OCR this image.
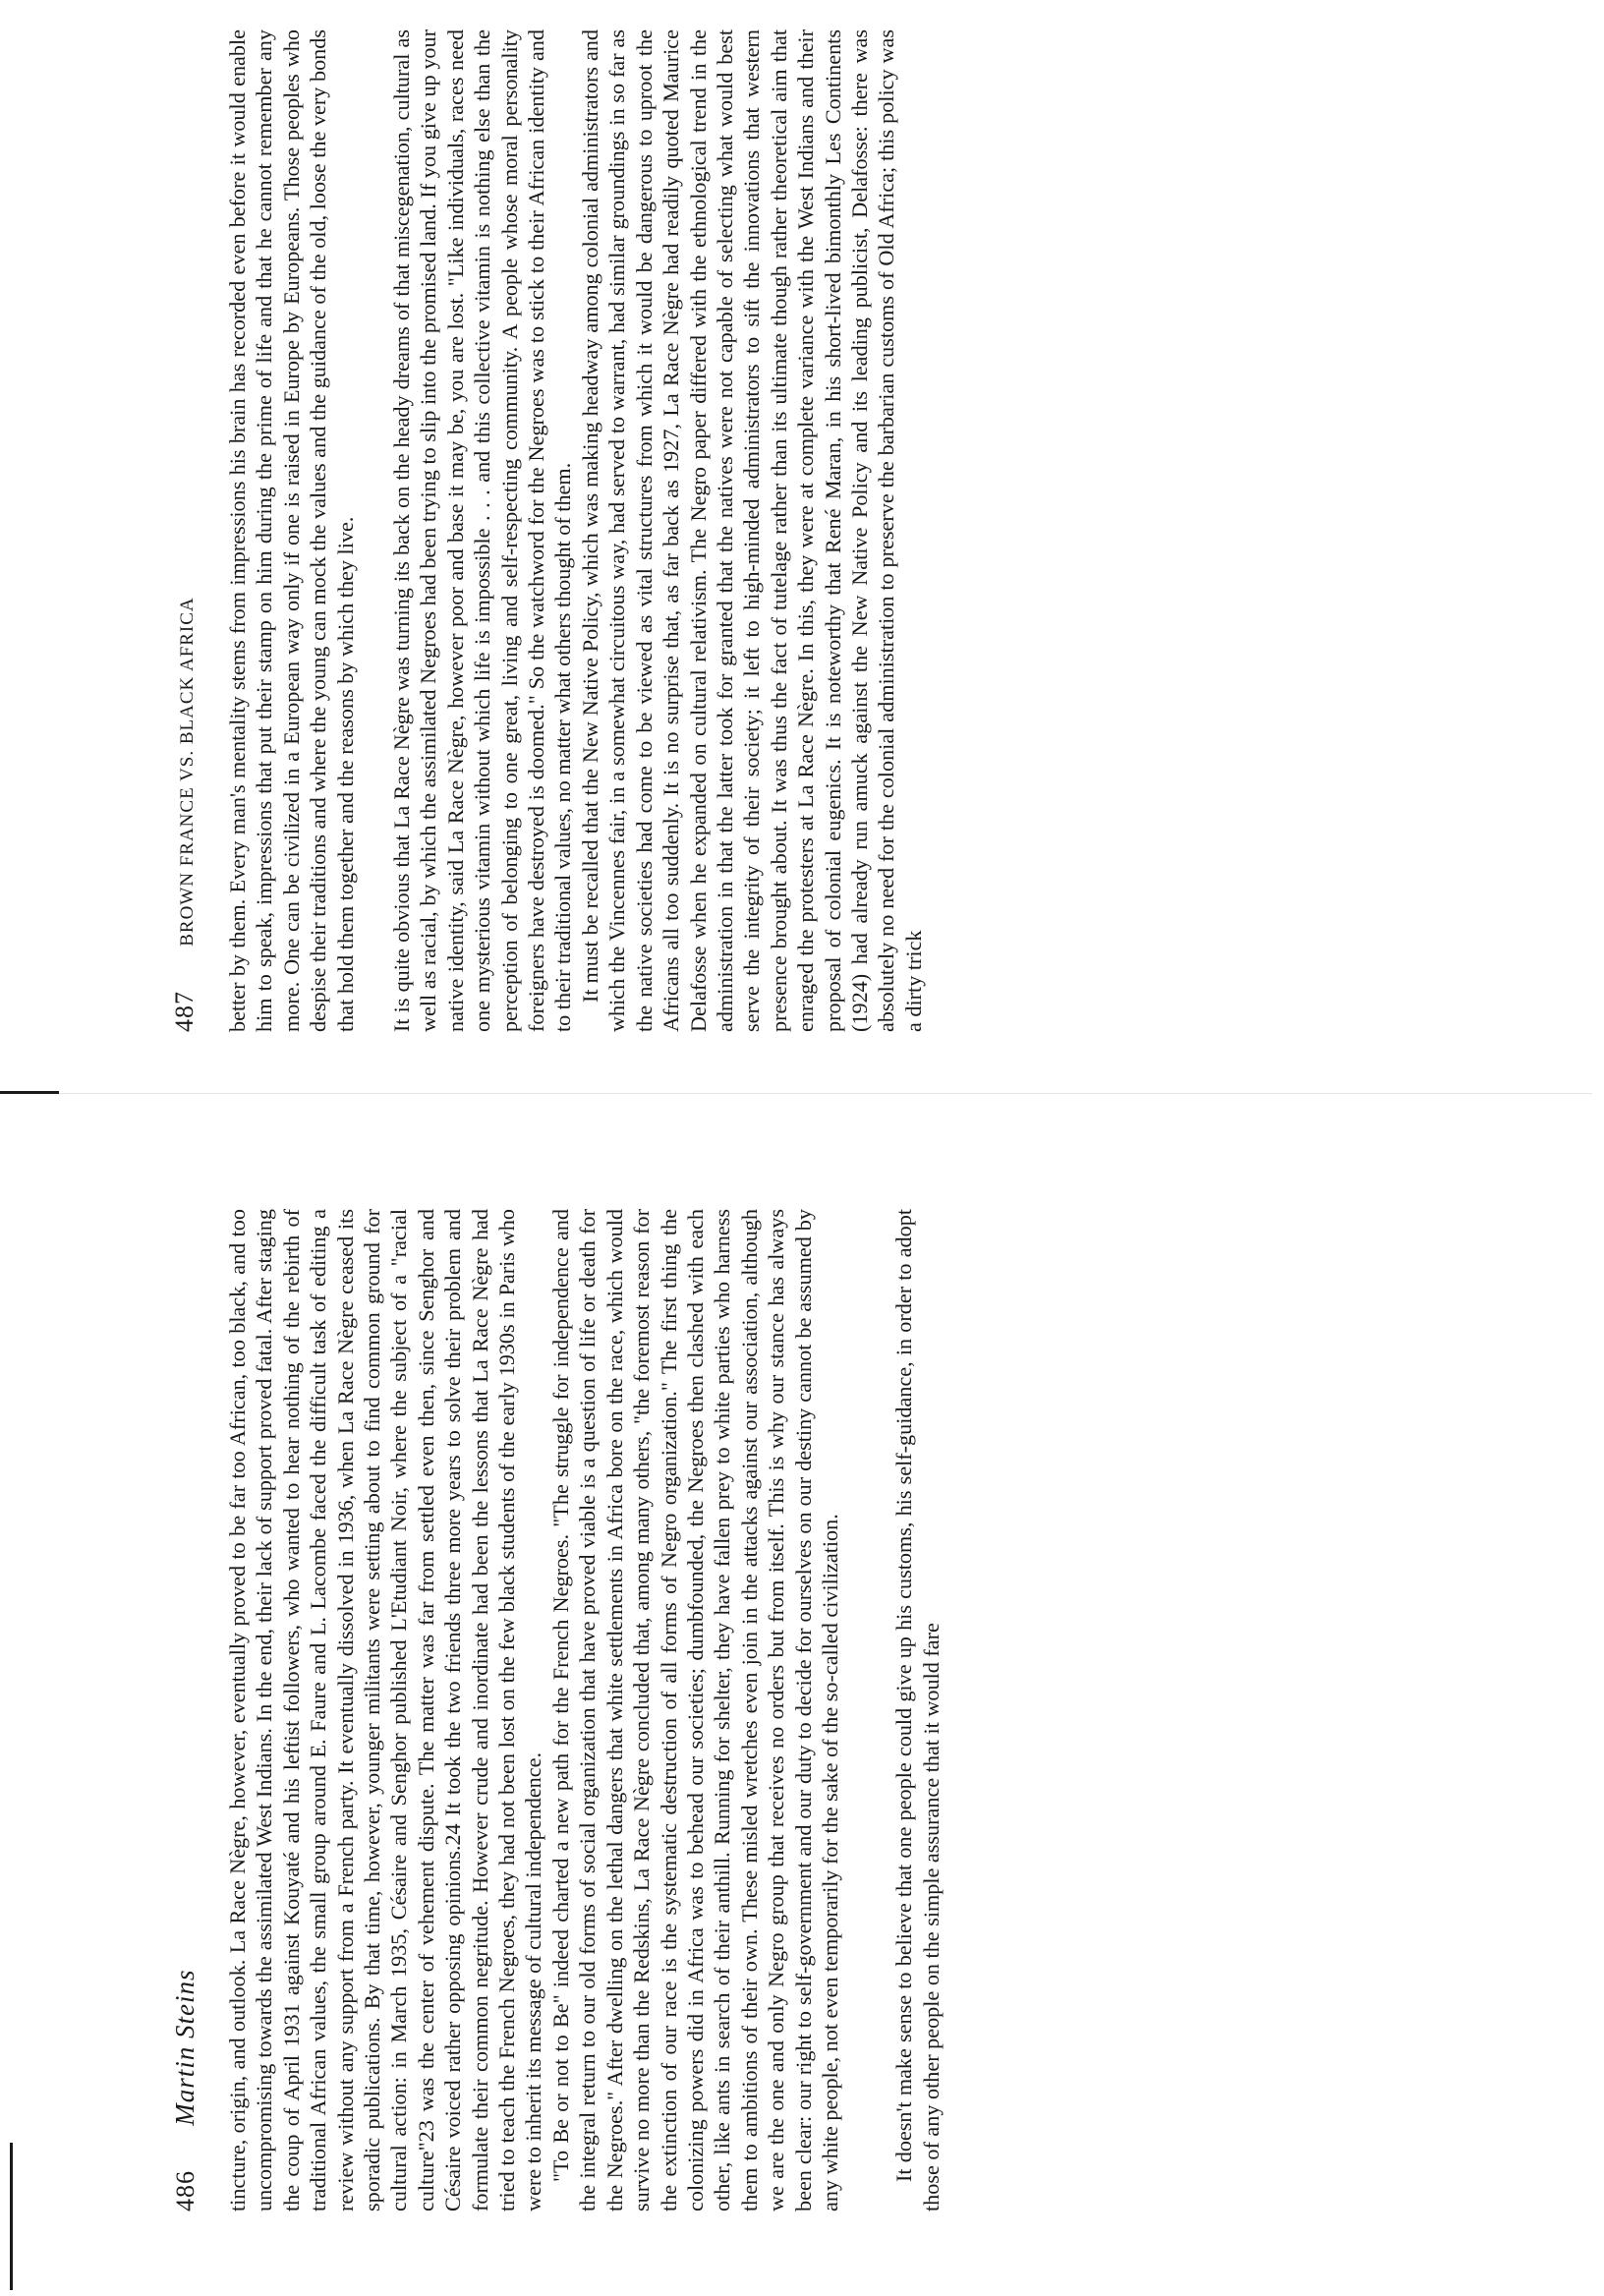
486 Martin Steins tincture, origin, and outlook. La Race Nègre, however, eventually proved to be far too African, too black, and too uncompromising towards the assimilated West Indians. In the end, their lack of support proved fatal. After staging the coup of April 1931 against Kouyaté and his leftist followers, who wanted to hear nothing of the rebirth of traditional African values, the small group around E. Faure and L. Lacombe faced the difficult task of editing a review without any support from a French party. It eventually dissolved in 1936, when La Race Nègre ceased its sporadic publications. By that time, however, younger militants were setting about to find common ground for cultural action: in March 1935, Césaire and Senghor published L'Etudiant Noir, where the subject of a "racial culture"23 was the center of vehement dispute. The matter was far from settled even then, since Senghor and Césaire voiced rather opposing opinions.24 It took the two friends three more years to solve their problem and formulate their common negritude. However crude and inordinate had been the lessons that La Race Nègre had tried to teach the French Negroes, they had not been lost on the few black students of the early 1930s in Paris who were to inherit its message of cultural independence. "To Be or not to Be" indeed charted a new path for the French Negroes. "The struggle for independence and the integral return to our old forms of social organization that have proved viable is a question of life or death for the Negroes." After dwelling on the lethal dangers that white settlements in Africa bore on the race, which would survive no more than the Redskins, La Race Nègre concluded that, among many others, "the foremost reason for the extinction of our race is the systematic destruction of all forms of Negro organization." The first thing the colonizing powers did in Africa was to behead our societies; dumbfounded, the Negroes then clashed with each other, like ants in search of their anthill. Running for shelter, they have fallen prey to white parties who harness them to ambitions of their own. These misled wretches even join in the attacks against our association, although we are the one and only Negro group that receives no orders but from itself. This is why our stance has always been clear: our right to self-government and our duty to decide for ourselves on our destiny cannot be assumed by any white people, not even temporarily for the sake of the so-called civilization. It doesn't make sense to believe that one people could give up his customs, his self-guidance, in order to adopt those of any other people on the simple assurance that it would fare

487 BROWN FRANCE VS. BLACK AFRICA better by them. Every man's mentality stems from impressions his brain has recorded even before it would enable him to speak, impressions that put their stamp on him during the prime of life and that he cannot remember any more. One can be civilized in a European way only if one is raised in Europe by Europeans. Those peoples who despise their traditions and where the young can mock the values and the guidance of the old, loose the very bonds that hold them together and the reasons by which they live. It is quite obvious that La Race Nègre was turning its back on the heady dreams of that miscegenation, cultural as well as racial, by which the assimilated Negroes had been trying to slip into the promised land. If you give up your native identity, said La Race Nègre, however poor and base it may be, you are lost. "Like individuals, races need one mysterious vitamin without which life is impossible . . . and this collective vitamin is nothing else than the perception of belonging to one great, living and self-respecting community. A people whose moral personality foreigners have destroyed is doomed." So the watchword for the Negroes was to stick to their African identity and to their traditional values, no matter what others thought of them. It must be recalled that the New Native Policy, which was making headway among colonial administrators and which the Vincennes fair, in a somewhat circuitous way, had served to warrant, had similar groundings in so far as the native societies had come to be viewed as vital structures from which it would be dangerous to uproot the Africans all too suddenly. It is no surprise that, as far back as 1927, La Race Nègre had readily quoted Maurice Delafosse when he expanded on cultural relativism. The Negro paper differed with the ethnological trend in the administration in that the latter took for granted that the natives were not capable of selecting what would best serve the integrity of their society; it left to high-minded administrators to sift the innovations that western presence brought about. It was thus the fact of tutelage rather than its ultimate though rather theoretical aim that enraged the protesters at La Race Nègre. In this, they were at complete variance with the West Indians and their proposal of colonial eugenics. It is noteworthy that René Maran, in his short-lived bimonthly Les Continents (1924) had already run amuck against the New Native Policy and its leading publicist, Delafosse: there was absolutely no need for the colonial administration to preserve the barbarian customs of Old Africa; this policy was a dirty trick
